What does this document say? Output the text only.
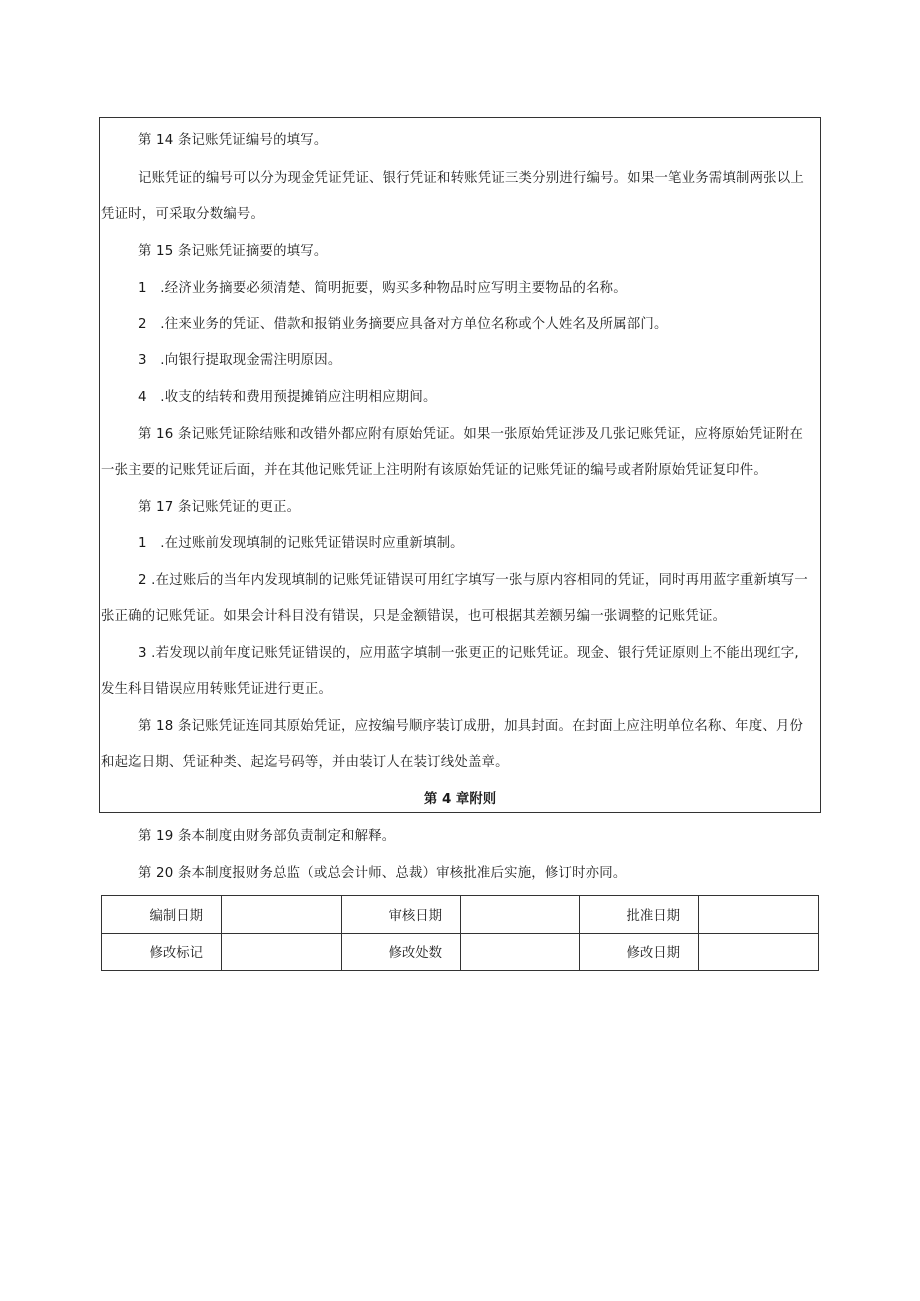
第 14 条记账凭证编号的填写。
记账凭证的编号可以分为现金凭证凭证、银行凭证和转账凭证三类分别进行编号。如果一笔业务需填制两张以上
凭证时，可采取分数编号。
第 15 条记账凭证摘要的填写。
1　.经济业务摘要必须清楚、简明扼要，购买多种物品时应写明主要物品的名称。
2　.往来业务的凭证、借款和报销业务摘要应具备对方单位名称或个人姓名及所属部门。
3　.向银行提取现金需注明原因。
4　.收支的结转和费用预提摊销应注明相应期间。
第 16 条记账凭证除结账和改错外都应附有原始凭证。如果一张原始凭证涉及几张记账凭证，应将原始凭证附在
一张主要的记账凭证后面，并在其他记账凭证上注明附有该原始凭证的记账凭证的编号或者附原始凭证复印件。
第 17 条记账凭证的更正。
1　.在过账前发现填制的记账凭证错误时应重新填制。
2 .在过账后的当年内发现填制的记账凭证错误可用红字填写一张与原内容相同的凭证，同时再用蓝字重新填写一
张正确的记账凭证。如果会计科目没有错误，只是金额错误，也可根据其差额另编一张调整的记账凭证。
3 .若发现以前年度记账凭证错误的，应用蓝字填制一张更正的记账凭证。现金、银行凭证原则上不能出现红字,
发生科目错误应用转账凭证进行更正。
第 18 条记账凭证连同其原始凭证，应按编号顺序装订成册，加具封面。在封面上应注明单位名称、年度、月份
和起迄日期、凭证种类、起迄号码等，并由装订人在装订线处盖章。
第 4 章附则
第 19 条本制度由财务部负责制定和解释。
第 20 条本制度报财务总监（或总会计师、总裁）审核批准后实施，修订时亦同。
编制日期		审核日期		批准日期	
修改标记		修改处数		修改日期	
